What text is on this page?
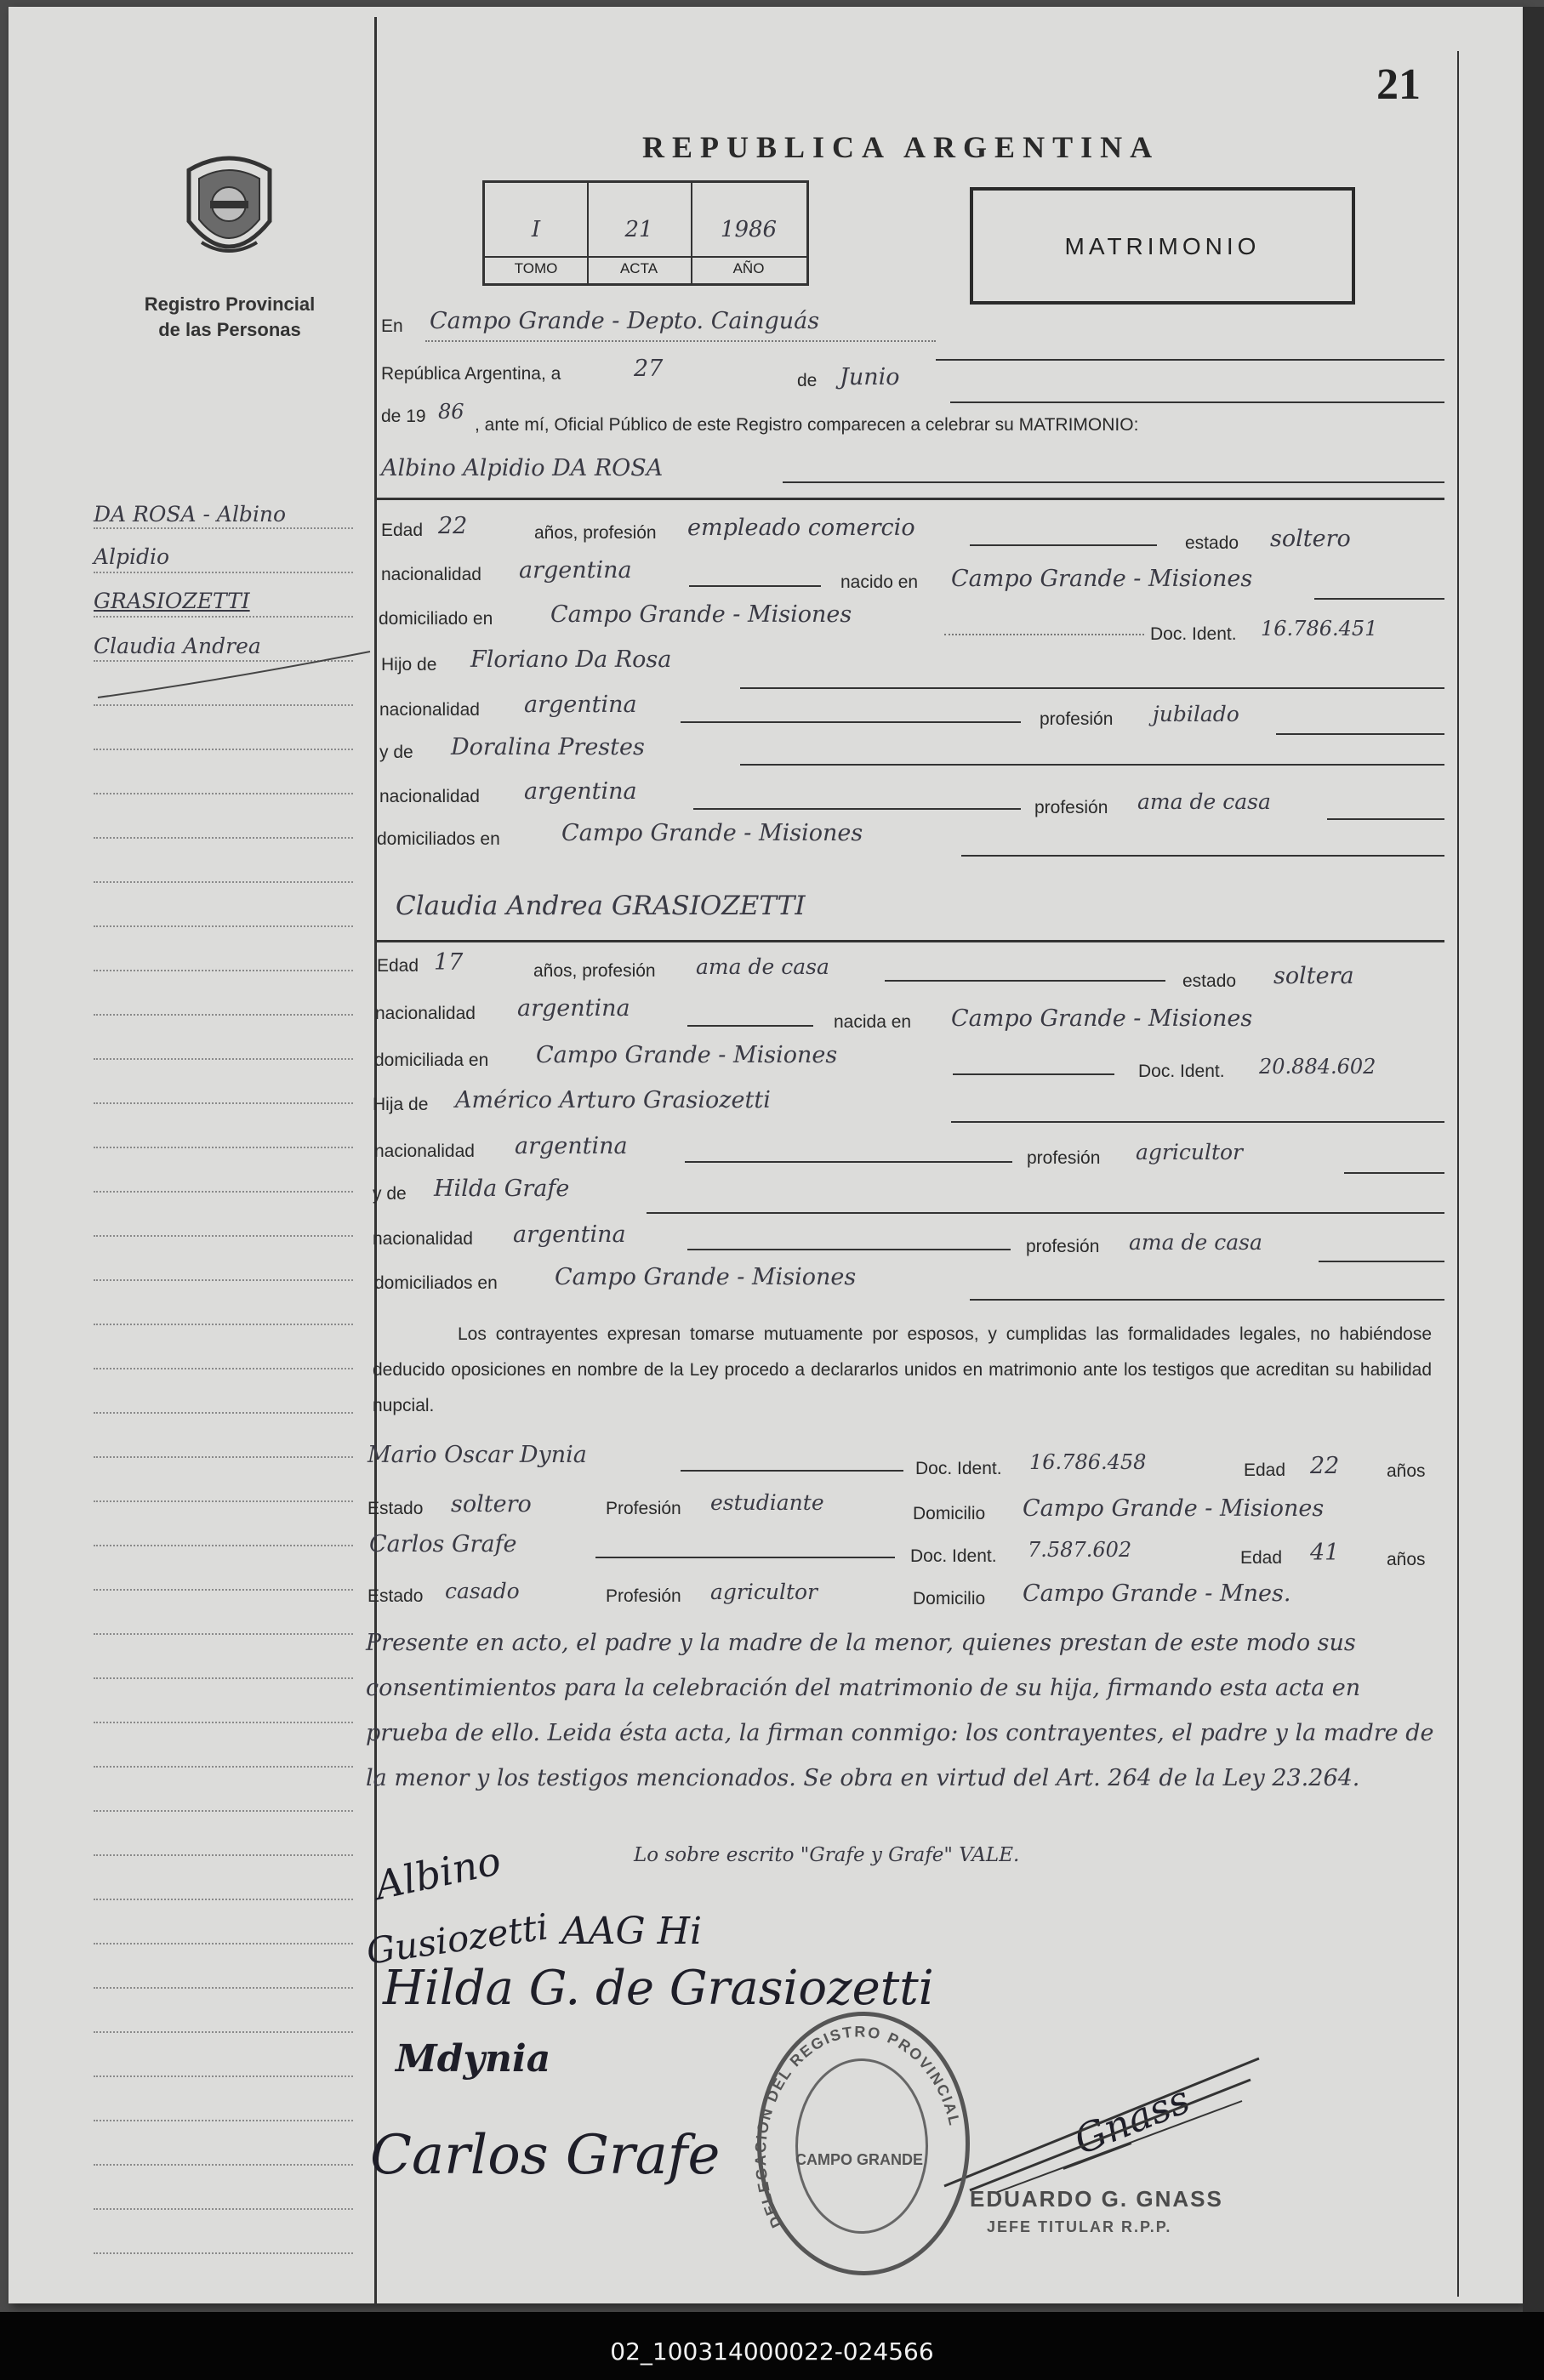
21
REPUBLICA ARGENTINA
I
TOMO
21
ACTA
1986
AÑO
MATRIMONIO
Registro Provincial
de las Personas
DA ROSA - Albino
Alpidio
GRASIOZETTI
Claudia Andrea
En Campo Grande - Depto. Cainguás
República Argentina, a	27	de Junio
de 19 86
, ante mí, Oficial Público de este Registro comparecen a celebrar su MATRIMONIO:
Albino Alpidio DA ROSA
Edad 22	años, profesión empleado comercio
estado soltero
nacionalidad argentina	nacido en Campo Grande - Misiones
domiciliado en	Campo Grande - Misiones
Doc. Ident. 16.786.451
Hijo de Floriano Da Rosa
nacionalidad argentina
profesión jubilado
y de Doralina Prestes
nacionalidad argentina
profesión ama de casa
domiciliados en	Campo Grande - Misiones
Claudia Andrea GRASIOZETTI
Edad 17	años, profesión ama de casa
estado soltera
nacionalidad argentina
nacida en Campo Grande - Misiones
domiciliada en Campo Grande - Misiones
Doc. Ident. 20.884.602
Hija de Américo Arturo Grasiozetti
nacionalidad argentina	profesión agricultor
y de Hilda Grafe
nacionalidad argentina	profesión ama de casa
domiciliados en Campo Grande - Misiones
Los contrayentes expresan tomarse mutuamente por esposos, y cumplidas las formalidades legales, no habiéndose deducido oposiciones en nombre de la Ley procedo a declararlos unidos en matrimonio ante los testigos que acreditan su habilidad nupcial.
Mario Oscar Dynia
Doc. Ident. 16.786.458	Edad 22	años
Estado soltero	Profesión estudiante	Domicilio Campo Grande - Misiones
Carlos Grafe	Doc. Ident. 7.587.602	Edad 41	años
Estado casado	Profesión agricultor	Domicilio Campo Grande - Mnes.
Presente en acto, el padre y la madre de la menor, quienes prestan de este modo sus consentimientos para la celebración del matrimonio de su hija, firmando esta acta en prueba de ello. Leida ésta acta, la firman conmigo: los contrayentes, el padre y la madre de la menor y los testigos mencionados. Se obra en virtud del Art. 264 de la Ley 23.264.
Lo sobre escrito "Grafe y Grafe" VALE.
Albino
Gusiozetti AAG Hi
Hilda G. de Grasiozetti
Mdynia
Carlos Grafe	Gnass
DELEGACION DEL REGISTRO PROVINCIAL
CAMPO GRANDE
EDUARDO G. GNASS
JEFE TITULAR R.P.P.
02_100314000022-024566
